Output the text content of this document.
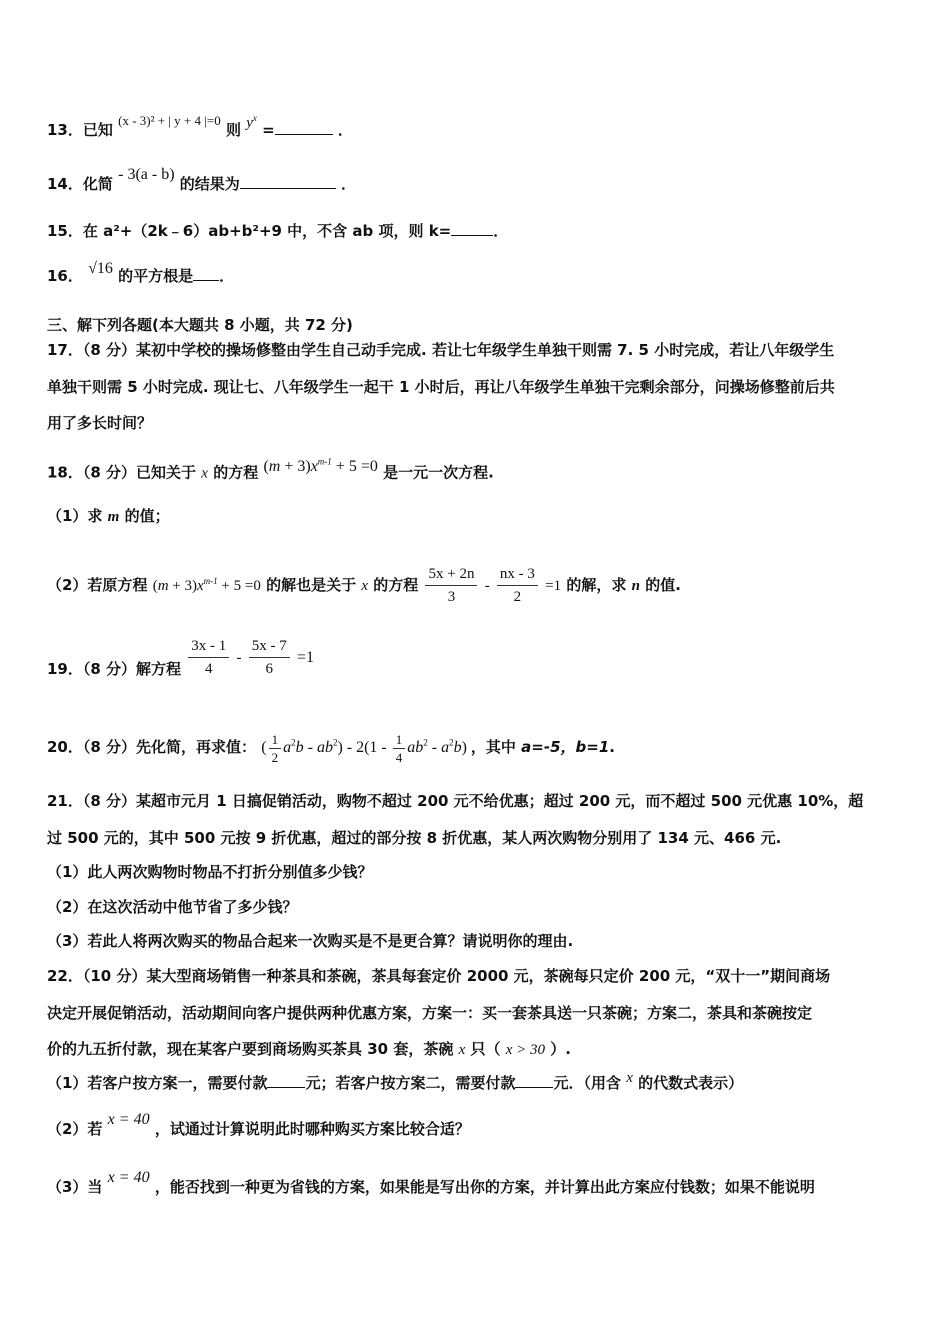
13．已知 (x - 3)² + | y + 4 |=0 则 $y^x$ =	．
14．化简 - 3(a - b) 的结果为	．
15．在 a²+（2k﹣6）ab+b²+9 中，不含 ab 项，则 k=	．
16． √16 的平方根是 ．
三、解下列各题(本大题共 8 小题，共 72 分)
17．（8 分）某初中学校的操场修整由学生自己动手完成. 若让七年级学生单独干则需 7. 5 小时完成，若让八年级学生
单独干则需 5 小时完成. 现让七、八年级学生一起干 1 小时后，再让八年级学生单独干完剩余部分，问操场修整前后共
用了多长时间？
18．（8 分）已知关于 x 的方程 $(m + 3)x^{m-1} + 5 =0$ 是一元一次方程.
（1）求 m 的值；
（2）若原方程 $(m + 3)x^{m-1} + 5 =0$ 的解也是关于 x 的方程 $\frac{5x + 2n}{3} - \frac{nx - 3}{2} =1$ 的解，求 n 的值.
19．（8 分）解方程 $\frac{3x - 1}{4} - \frac{5x - 7}{6} =1$
20．（8 分）先化简，再求值： ( $\frac{1}{2} a^2b - ab^2) - 2(1 - \frac{1}{4} ab^2 - a^2b)$ ，其中 a=-5，b=1.
21．（8 分）某超市元月 1 日搞促销活动，购物不超过 200 元不给优惠；超过 200 元，而不超过 500 元优惠 10%，超
过 500 元的，其中 500 元按 9 折优惠，超过的部分按 8 折优惠，某人两次购物分别用了 134 元、466 元.
（1）此人两次购物时物品不打折分别值多少钱？
（2）在这次活动中他节省了多少钱？
（3）若此人将两次购买的物品合起来一次购买是不是更合算？请说明你的理由.
22．（10 分）某大型商场销售一种茶具和茶碗，茶具每套定价 2000 元，茶碗每只定价 200 元，“双十一”期间商场
决定开展促销活动，活动期间向客户提供两种优惠方案，方案一：买一套茶具送一只茶碗；方案二，茶具和茶碗按定
价的九五折付款，现在某客户要到商场购买茶具 30 套，茶碗 x 只（ x > 30 ）.
（1）若客户按方案一，需要付款	元；若客户按方案二，需要付款	元．（用含 x 的代数式表示）
（2）若 x = 40 ，试通过计算说明此时哪种购买方案比较合适？
（3）当 x = 40 ，能否找到一种更为省钱的方案，如果能是写出你的方案，并计算出此方案应付钱数；如果不能说明
